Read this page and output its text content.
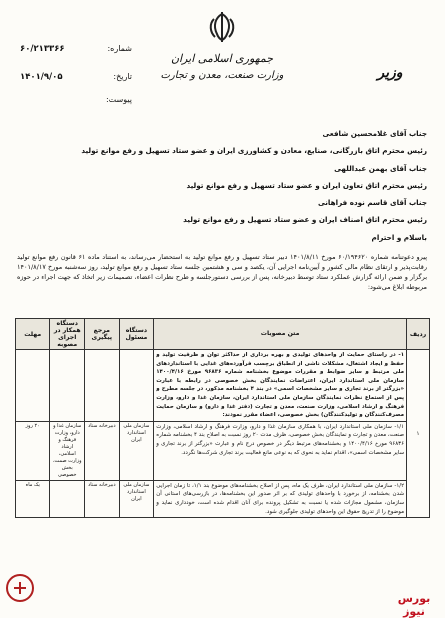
جمهوری اسلامی ایران
وزارت صنعت، معدن و تجارت	وزیر
شماره:
۶۰/۲۱۳۳۶۶
تاریخ:
۱۴۰۱/۹/۰۵
پیوست:
جناب آقای غلامحسین شافعی
رئیس محترم اتاق بازرگانی، صنایع، معادن و کشاورزی ایران و عضو ستاد تسهیل و رفع موانع تولید
جناب آقای بهمن عبداللهی
رئیس محترم اتاق تعاون ایران و عضو ستاد تسهیل و رفع موانع تولید
جناب آقای قاسم نوده فراهانی
رئیس محترم اتاق اصناف ایران و عضو ستاد تسهیل و رفع موانع تولید
باسلام و احترام
پیرو دعوتنامه شماره ۶۰/۱۹۴۶۲۰ مورخ ۱۴۰۱/۸/۱۱ دبیر ستاد تسهیل و رفع موانع تولید به استحضار می‌رساند، به استناد ماده ۶۱ قانون رفع موانع تولید رقابت‌پذیر و ارتقای نظام مالی کشور و آیین‌نامه اجرایی آن، یکصد و سی و هشتمین جلسه ستاد تسهیل و رفع موانع تولید، روز سه‌شنبه مورخ ۱۴۰۱/۸/۱۷ برگزار و ضمن ارائه گزارش عملکرد ستاد توسط دبیرخانه، پس از بررسی دستورجلسه و طرح نظرات اعضاء، تصمیمات زیر اتخاذ که جهت اجراء در حوزه مربوطه ابلاغ می‌شود:
ردیف	متن مصوبات	دستگاه مسئول	مرجع پیگیری	دستگاه همکار در اجرای مصوبه	مهلت
۱	۱- در راستای حمایت از واحدهای تولیدی و بهره برداری از حداکثر توان و ظرفیت تولید و حفظ و ایجاد اشتغال، مشکلات ناشی از انطباق برچسب فرآورده‌های غذایی با استانداردهای ملی مرتبط و سایر ضوابط و مقررات موضوع بخشنامه شماره ۹۶۸۳۶ مورخ ۱۴۰۰/۴/۱۶ سازمان ملی استاندارد ایران، اعتراضات نمایندگان بخش خصوصی در رابطه با عبارت «بزرگتر از برند تجاری و سایر مشخصات اسمی» در بند ۴ بخشنامه مذکور، در جلسه مطرح و پس از استماع نظرات نمایندگان سازمان ملی استاندارد ایران، سازمان غذا و دارو، وزارت فرهنگ و ارشاد اسلامی، وزارت صنعت، معدن و تجارت (دفتر غذا و دارو) و سازمان حمایت مصرف‌کنندگان و تولیدکنندگان) بخش خصوصی، اعضاء مقرر نمودند:				
	۱/۱- سازمان ملی استاندارد ایران، با همکاری سازمان غذا و دارو، وزارت فرهنگ و ارشاد اسلامی، وزارت صنعت، معدن و تجارت و نمایندگان بخش خصوصی، ظرف مدت ۲۰ روز نسبت به اصلاح بند ۴ بخشنامه شماره ۹۶۸۳۶ مورخ ۱۴۰۰/۴/۱۶ و بخشنامه‌های مرتبط دیگر در خصوص درج نام و عبارت «بزرگتر از برند تجاری و سایر مشخصات اسمی»، اقدام نماید به نحوی که به نوعی مانع فعالیت برند تجاری شرکت‌ها نگردد.	سازمان ملی استاندارد ایران	دبیرخانه ستاد	سازمان غذا و دارو، وزارت فرهنگ و ارشاد اسلامی، وزارت صمت، بخش خصوصی	۲۰ روز
	۱/۲- سازمان ملی استاندارد ایران، ظرف یک ماه، پس از اصلاح بخشنامه‌های موضوع بند ۱/۱، تا زمان اجرایی شدن بخشنامه، از برخورد با واحدهای تولیدی که بر اثر صدور این بخشنامه‌ها، در بازرسی‌های استانی آن سازمان، مشمول مجازات شده یا نسبت به تشکیل پرونده برای آنان اقدام شده است، خودداری نماید و موضوع را از تدریج حقوق این واحدهای تولیدی جلوگیری شود.	سازمان ملی استاندارد ایران	دبیرخانه ستاد		یک ماه
بورس نیوز
